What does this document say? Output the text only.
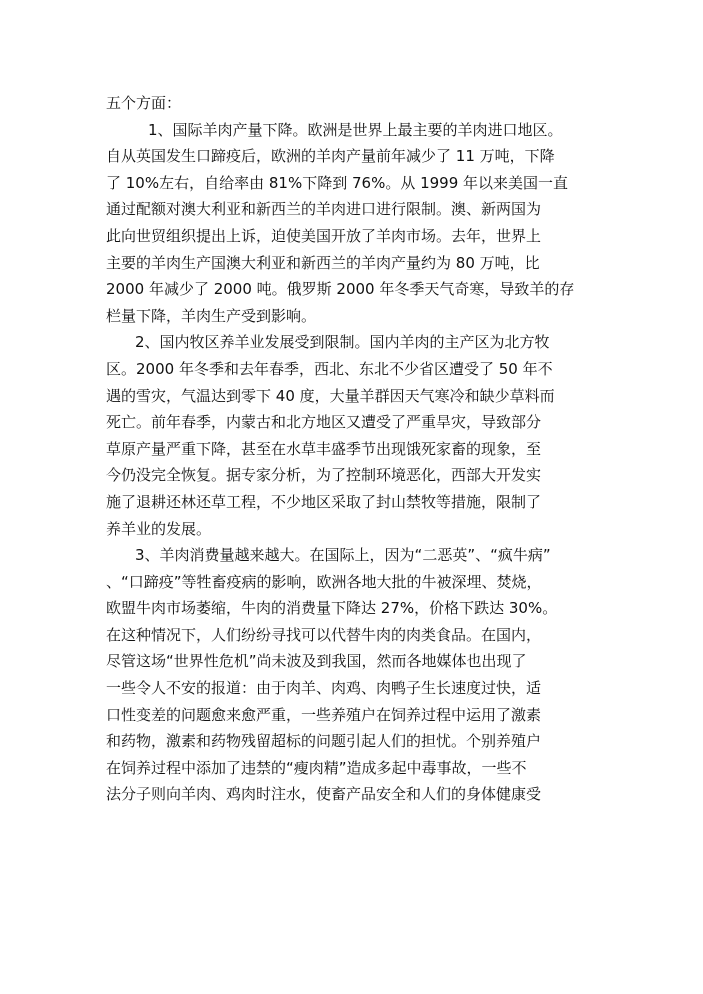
五个方面：
1、国际羊肉产量下降。欧洲是世界上最主要的羊肉进口地区。
自从英国发生口蹄疫后，欧洲的羊肉产量前年减少了 11 万吨，下降
了 10%左右，自给率由 81%下降到 76%。从 1999 年以来美国一直
通过配额对澳大利亚和新西兰的羊肉进口进行限制。澳、新两国为
此向世贸组织提出上诉，迫使美国开放了羊肉市场。去年，世界上
主要的羊肉生产国澳大利亚和新西兰的羊肉产量约为 80 万吨，比
2000 年减少了 2000 吨。俄罗斯 2000 年冬季天气奇寒，导致羊的存
栏量下降，羊肉生产受到影响。
2、国内牧区养羊业发展受到限制。国内羊肉的主产区为北方牧
区。2000 年冬季和去年春季，西北、东北不少省区遭受了 50 年不
遇的雪灾，气温达到零下 40 度，大量羊群因天气寒冷和缺少草料而
死亡。前年春季，内蒙古和北方地区又遭受了严重旱灾，导致部分
草原产量严重下降，甚至在水草丰盛季节出现饿死家畜的现象，至
今仍没完全恢复。据专家分析，为了控制环境恶化，西部大开发实
施了退耕还林还草工程，不少地区采取了封山禁牧等措施，限制了
养羊业的发展。
3、羊肉消费量越来越大。在国际上，因为“二恶英”、“疯牛病”
、“口蹄疫”等牲畜疫病的影响，欧洲各地大批的牛被深埋、焚烧，
欧盟牛肉市场萎缩，牛肉的消费量下降达 27%，价格下跌达 30%。
在这种情况下，人们纷纷寻找可以代替牛肉的肉类食品。在国内，
尽管这场“世界性危机”尚未波及到我国，然而各地媒体也出现了
一些令人不安的报道：由于肉羊、肉鸡、肉鸭子生长速度过快，适
口性变差的问题愈来愈严重，一些养殖户在饲养过程中运用了激素
和药物，激素和药物残留超标的问题引起人们的担忧。个别养殖户
在饲养过程中添加了违禁的“瘦肉精”造成多起中毒事故，一些不
法分子则向羊肉、鸡肉时注水，使畜产品安全和人们的身体健康受
